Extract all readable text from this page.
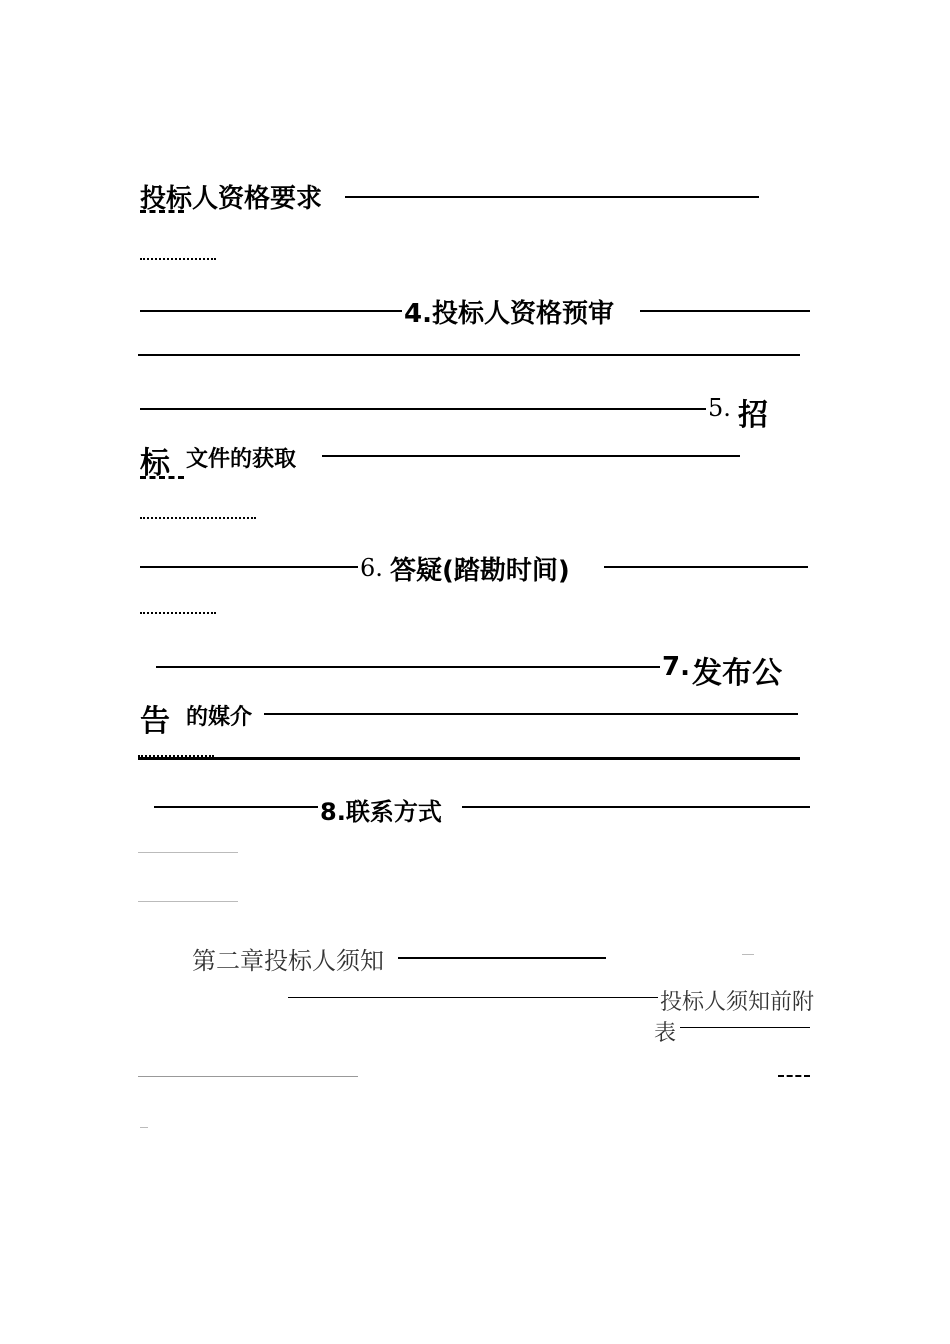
投标人资格要求
4.投标人资格预审
5. 招
标 文件的获取
6. 答疑(踏勘时间)
7. 发布公
告 的媒介
8.联系方式
第二章投标人须知
投标人须知前附
表
